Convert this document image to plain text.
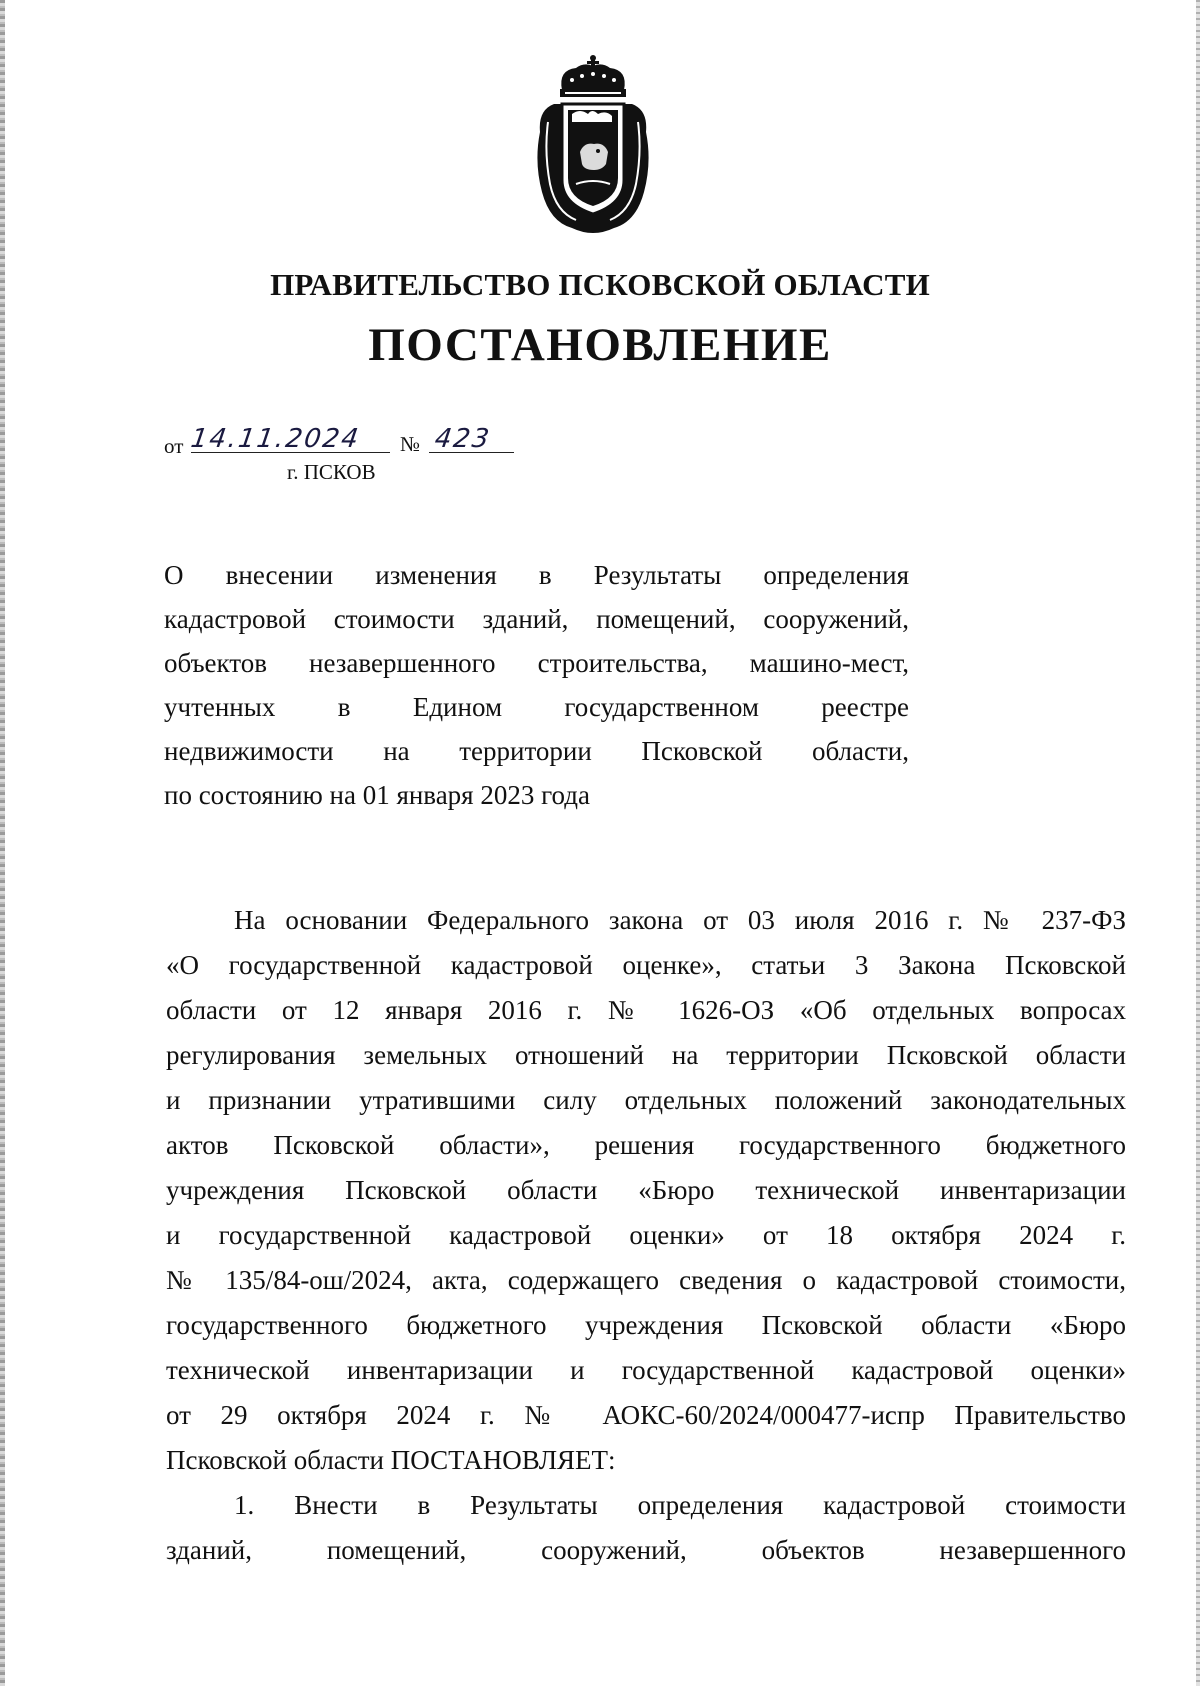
ПРАВИТЕЛЬСТВО ПСКОВСКОЙ ОБЛАСТИ
ПОСТАНОВЛЕНИЕ
от 14.11.2024	№ 423
г. ПСКОВ
О внесении изменения в Результаты определения
кадастровой стоимости зданий, помещений, сооружений,
объектов незавершенного строительства, машино-мест,
учтенных в Едином государственном реестре
недвижимости на территории Псковской области,
по состоянию на 01 января 2023 года
На основании Федерального закона от 03 июля 2016 г. № 237-ФЗ
«О государственной кадастровой оценке», статьи 3 Закона Псковской
области от 12 января 2016 г. № 1626-ОЗ «Об отдельных вопросах
регулирования земельных отношений на территории Псковской области
и признании утратившими силу отдельных положений законодательных
актов Псковской области», решения государственного бюджетного
учреждения Псковской области «Бюро технической инвентаризации
и государственной кадастровой оценки» от 18 октября 2024 г.
№ 135/84-ош/2024, акта, содержащего сведения о кадастровой стоимости,
государственного бюджетного учреждения Псковской области «Бюро
технической инвентаризации и государственной кадастровой оценки»
от 29 октября 2024 г. № АОКС-60/2024/000477-испр Правительство
Псковской области ПОСТАНОВЛЯЕТ:
1. Внести в Результаты определения кадастровой стоимости
зданий, помещений, сооружений, объектов незавершенного
